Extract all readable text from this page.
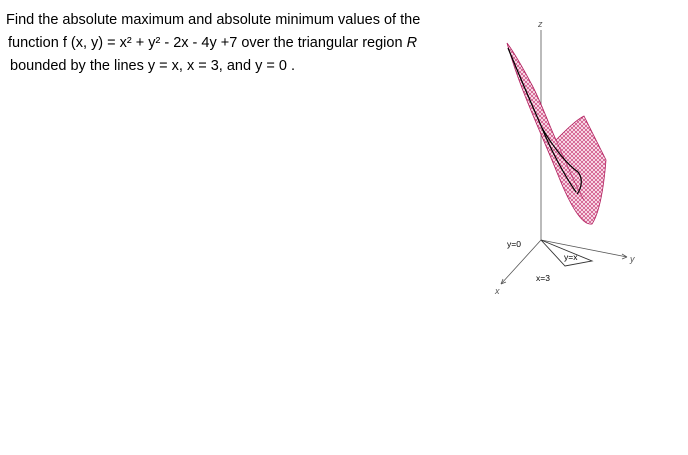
Find the absolute maximum and absolute minimum values of the
function f (x, y) = x² + y² - 2x - 4y +7 over the triangular region R
bounded by the lines y = x, x = 3, and y = 0 .
z
y
x
y=0
y=x
x=3
